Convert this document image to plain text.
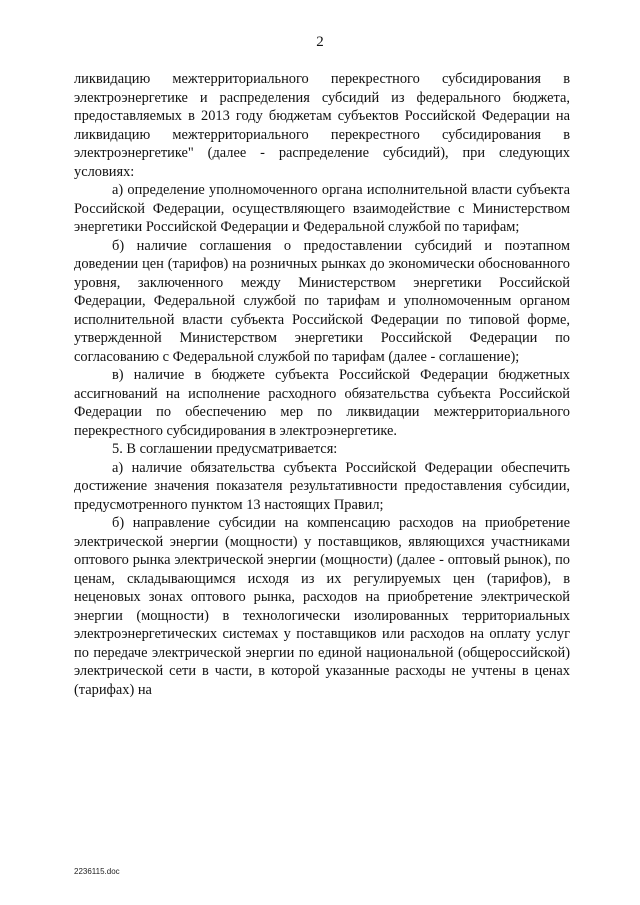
2

ликвидацию межтерриториального перекрестного субсидирования в электроэнергетике и распределения субсидий из федерального бюджета, предоставляемых в 2013 году бюджетам субъектов Российской Федерации на ликвидацию межтерриториального перекрестного субсидирования в электроэнергетике" (далее - распределение субсидий), при следующих условиях:

а) определение уполномоченного органа исполнительной власти субъекта Российской Федерации, осуществляющего взаимодействие с Министерством энергетики Российской Федерации и Федеральной службой по тарифам;

б) наличие соглашения о предоставлении субсидий и поэтапном доведении цен (тарифов) на розничных рынках до экономически обоснованного уровня, заключенного между Министерством энергетики Российской Федерации, Федеральной службой по тарифам и уполномоченным органом исполнительной власти субъекта Российской Федерации по типовой форме, утвержденной Министерством энергетики Российской Федерации по согласованию с Федеральной службой по тарифам (далее - соглашение);

в) наличие в бюджете субъекта Российской Федерации бюджетных ассигнований на исполнение расходного обязательства субъекта Российской Федерации по обеспечению мер по ликвидации межтерриториального перекрестного субсидирования в электроэнергетике.

5. В соглашении предусматривается:

а) наличие обязательства субъекта Российской Федерации обеспечить достижение значения показателя результативности предоставления субсидии, предусмотренного пунктом 13 настоящих Правил;

б) направление субсидии на компенсацию расходов на приобретение электрической энергии (мощности) у поставщиков, являющихся участниками оптового рынка электрической энергии (мощности) (далее - оптовый рынок), по ценам, складывающимся исходя из их регулируемых цен (тарифов), в неценовых зонах оптового рынка, расходов на приобретение электрической энергии (мощности) в технологически изолированных территориальных электроэнергетических системах у поставщиков или расходов на оплату услуг по передаче электрической энергии по единой национальной (общероссийской) электрической сети в части, в которой указанные расходы не учтены в ценах (тарифах) на

2236115.doc
